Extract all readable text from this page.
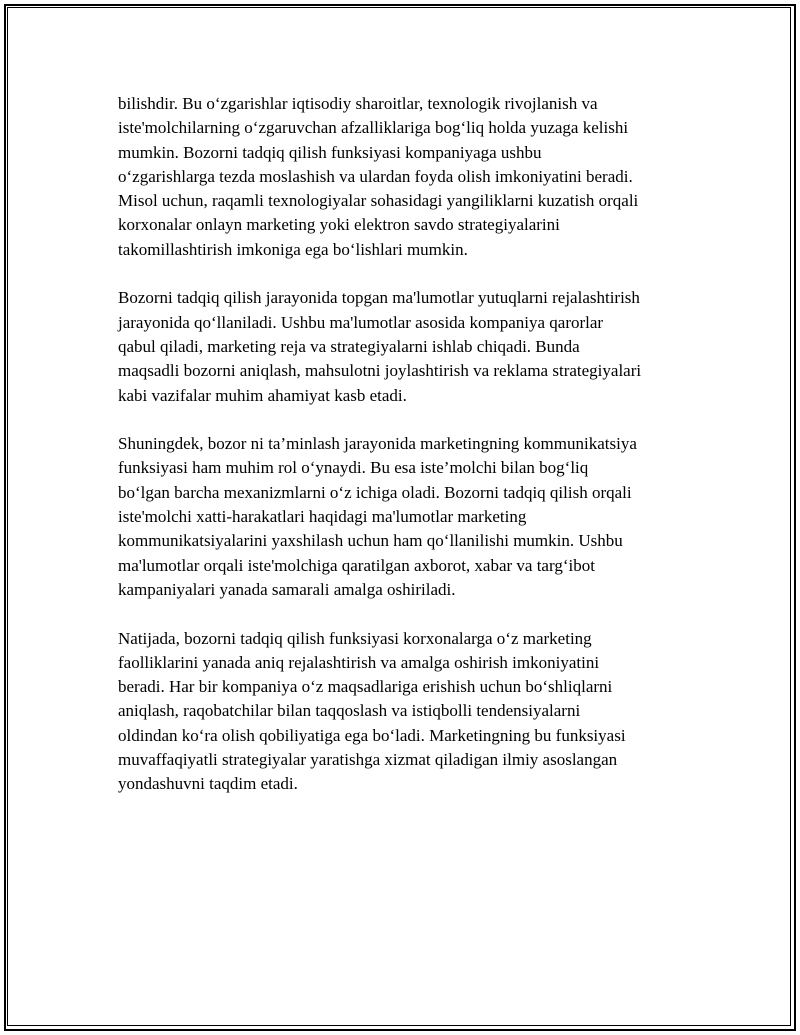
bilishdir. Bu o‘zgarishlar iqtisodiy sharoitlar, texnologik rivojlanish va
iste'molchilarning o‘zgaruvchan afzalliklariga bog‘liq holda yuzaga kelishi
mumkin. Bozorni tadqiq qilish funksiyasi kompaniyaga ushbu
o‘zgarishlarga tezda moslashish va ulardan foyda olish imkoniyatini beradi.
Misol uchun, raqamli texnologiyalar sohasidagi yangiliklarni kuzatish orqali
korxonalar onlayn marketing yoki elektron savdo strategiyalarini
takomillashtirish imkoniga ega bo‘lishlari mumkin.

Bozorni tadqiq qilish jarayonida topgan ma'lumotlar yutuqlarni rejalashtirish
jarayonida qo‘llaniladi. Ushbu ma'lumotlar asosida kompaniya qarorlar
qabul qiladi, marketing reja va strategiyalarni ishlab chiqadi. Bunda
maqsadli bozorni aniqlash, mahsulotni joylashtirish va reklama strategiyalari
kabi vazifalar muhim ahamiyat kasb etadi.

Shuningdek, bozor ni ta’minlash jarayonida marketingning kommunikatsiya
funksiyasi ham muhim rol o‘ynaydi. Bu esa iste’molchi bilan bog‘liq
bo‘lgan barcha mexanizmlarni o‘z ichiga oladi. Bozorni tadqiq qilish orqali
iste'molchi xatti-harakatlari haqidagi ma'lumotlar marketing
kommunikatsiyalarini yaxshilash uchun ham qo‘llanilishi mumkin. Ushbu
ma'lumotlar orqali iste'molchiga qaratilgan axborot, xabar va targ‘ibot
kampaniyalari yanada samarali amalga oshiriladi.

Natijada, bozorni tadqiq qilish funksiyasi korxonalarga o‘z marketing
faolliklarini yanada aniq rejalashtirish va amalga oshirish imkoniyatini
beradi. Har bir kompaniya o‘z maqsadlariga erishish uchun bo‘shliqlarni
aniqlash, raqobatchilar bilan taqqoslash va istiqbolli tendensiyalarni
oldindan ko‘ra olish qobiliyatiga ega bo‘ladi. Marketingning bu funksiyasi
muvaffaqiyatli strategiyalar yaratishga xizmat qiladigan ilmiy asoslangan
yondashuvni taqdim etadi.
